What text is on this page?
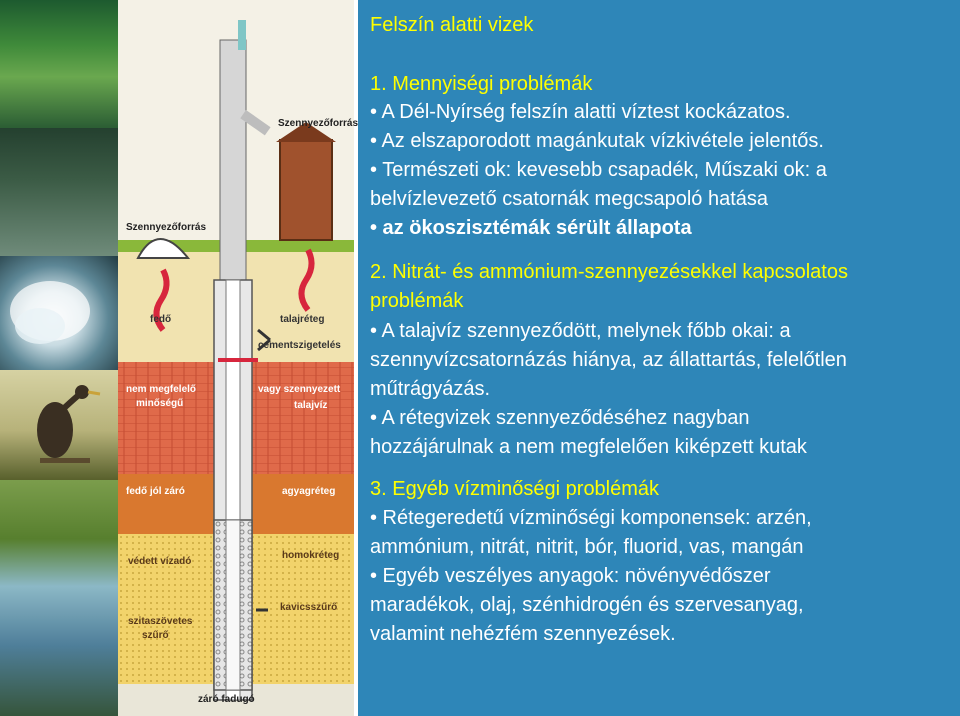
Szennyezőforrás
Szennyezőforrás
fedő	talajréteg
cementszigetelés
nem megfelelő
minőségű
vagy szennyezett
talajvíz
fedő jól záró	agyagréteg
védett vízadó
homokréteg
kavicsszűrő
szitaszövetes
szűrő
záró fadugó
Felszín alatti vizek
1. Mennyiségi problémák
• A Dél-Nyírség felszín alatti víztest kockázatos.
• Az elszaporodott magánkutak vízkivétele jelentős.
• Természeti ok: kevesebb csapadék, Műszaki ok: a
belvízlevezető csatornák megcsapoló hatása
• az ökoszisztémák sérült állapota
2. Nitrát- és ammónium-szennyezésekkel kapcsolatos
problémák
• A talajvíz szennyeződött, melynek főbb okai: a
szennyvízcsatornázás hiánya, az állattartás, felelőtlen
műtrágyázás.
• A rétegvizek szennyeződéséhez nagyban
hozzájárulnak a nem megfelelően kiképzett kutak
3. Egyéb vízminőségi problémák
• Rétegeredetű vízminőségi komponensek: arzén,
ammónium, nitrát, nitrit, bór, fluorid, vas, mangán
• Egyéb veszélyes anyagok: növényvédőszer
maradékok, olaj, szénhidrogén és szervesanyag,
valamint nehézfém szennyezések.
